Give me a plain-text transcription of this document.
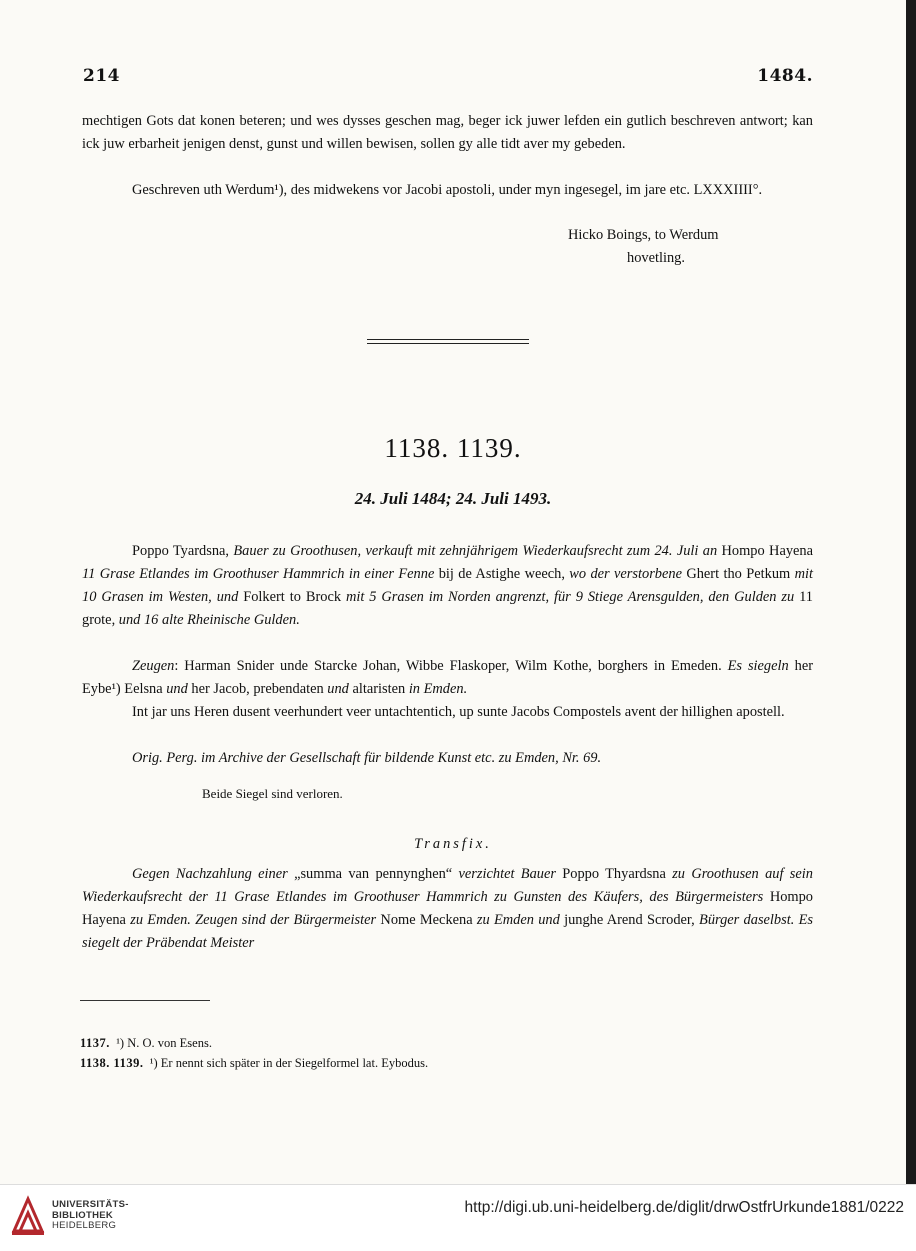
214	1484.
mechtigen Gots dat konen beteren; und wes dysses geschen mag, beger ick juwer lefden ein gutlich beschreven antwort; kan ick juw erbarheit jenigen denst, gunst und willen bewisen, sollen gy alle tidt aver my gebeden.
Geschreven uth Werdum¹), des midwekens vor Jacobi apostoli, under myn ingesegel, im jare etc. LXXXIIII°.
Hicko Boings, to Werdum
hovetling.
1138. 1139.
24. Juli 1484; 24. Juli 1493.
Poppo Tyardsna, Bauer zu Groothusen, verkauft mit zehnjährigem Wiederkaufsrecht zum 24. Juli an Hompo Hayena 11 Grase Etlandes im Groothuser Hammrich in einer Fenne bij de Astighe weech, wo der verstorbene Ghert tho Petkum mit 10 Grasen im Westen, und Folkert to Brock mit 5 Grasen im Norden angrenzt, für 9 Stiege Arensgulden, den Gulden zu 11 grote, und 16 alte Rheinische Gulden.
Zeugen: Harman Snider unde Starcke Johan, Wibbe Flaskoper, Wilm Kothe, borghers in Emeden. Es siegeln her Eybe¹) Eelsna und her Jacob, prebendaten und altaristen in Emden.
Int jar uns Heren dusent veerhundert veer untachtentich, up sunte Jacobs Compostels avent der hillighen apostell.
Orig. Perg. im Archive der Gesellschaft für bildende Kunst etc. zu Emden, Nr. 69.
Beide Siegel sind verloren.
Transfix.
Gegen Nachzahlung einer „summa van pennynghen“ verzichtet Bauer Poppo Thyardsna zu Groothusen auf sein Wiederkaufsrecht der 11 Grase Etlandes im Groothuser Hammrich zu Gunsten des Käufers, des Bürgermeisters Hompo Hayena zu Emden. Zeugen sind der Bürgermeister Nome Meckena zu Emden und junghe Arend Scroder, Bürger daselbst. Es siegelt der Präbendat Meister
1137. ¹) N. O. von Esens.
1138. 1139. ¹) Er nennt sich später in der Siegelformel lat. Eybodus.
UNIVERSITÄTS-
BIBLIOTHEK
HEIDELBERG
http://digi.ub.uni-heidelberg.de/diglit/drwOstfrUrkunde1881/0222
